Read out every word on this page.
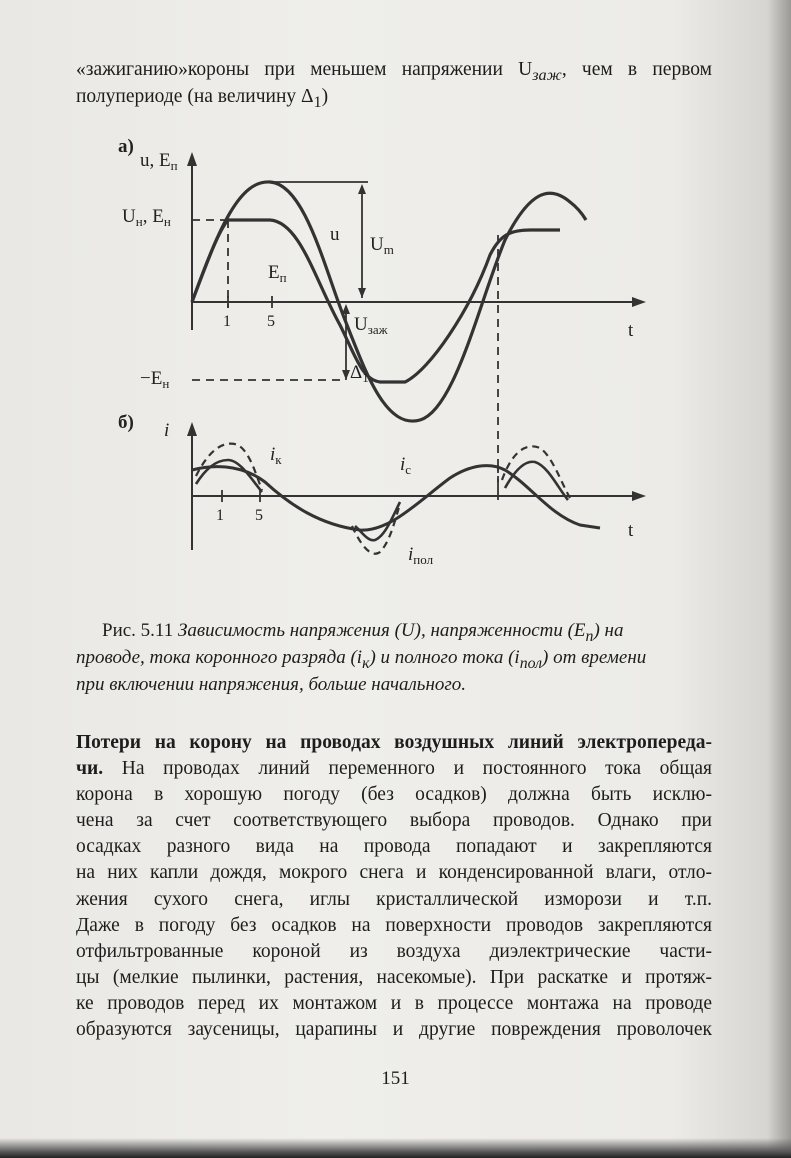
«зажиганию»короны при меньшем напряжении $U_{заж}$, чем в первом
полупериоде (на величину $\Delta_1$)
а)
u, $E_п$
$U_н$, $E_н$
u
$E_п$
$U_m$
$U_{заж}$
$-E_н$
$\Delta_1$
1 5	t
б) i
$i_к$	$i_c$
$i_{пол}$
1 5
t
Рис. 5.11 Зависимость напряжения (U), напряженности $(E_п)$ на
проводе, тока коронного разряда $(i_к)$ и полного тока $(i_{пол})$ от времени
при включении напряжения, больше начального.
Потери на корону на проводах воздушных линий электропереда-
чи. На проводах линий переменного и постоянного тока общая
корона в хорошую погоду (без осадков) должна быть исклю-
чена за счет соответствующего выбора проводов. Однако при
осадках разного вида на провода попадают и закрепляются
на них капли дождя, мокрого снега и конденсированной влаги, отло-
жения сухого снега, иглы кристаллической изморози и т.п.
Даже в погоду без осадков на поверхности проводов закрепляются
отфильтрованные короной из воздуха диэлектрические части-
цы (мелкие пылинки, растения, насекомые). При раскатке и протяж-
ке проводов перед их монтажом и в процессе монтажа на проводе
образуются заусеницы, царапины и другие повреждения проволочек
151
